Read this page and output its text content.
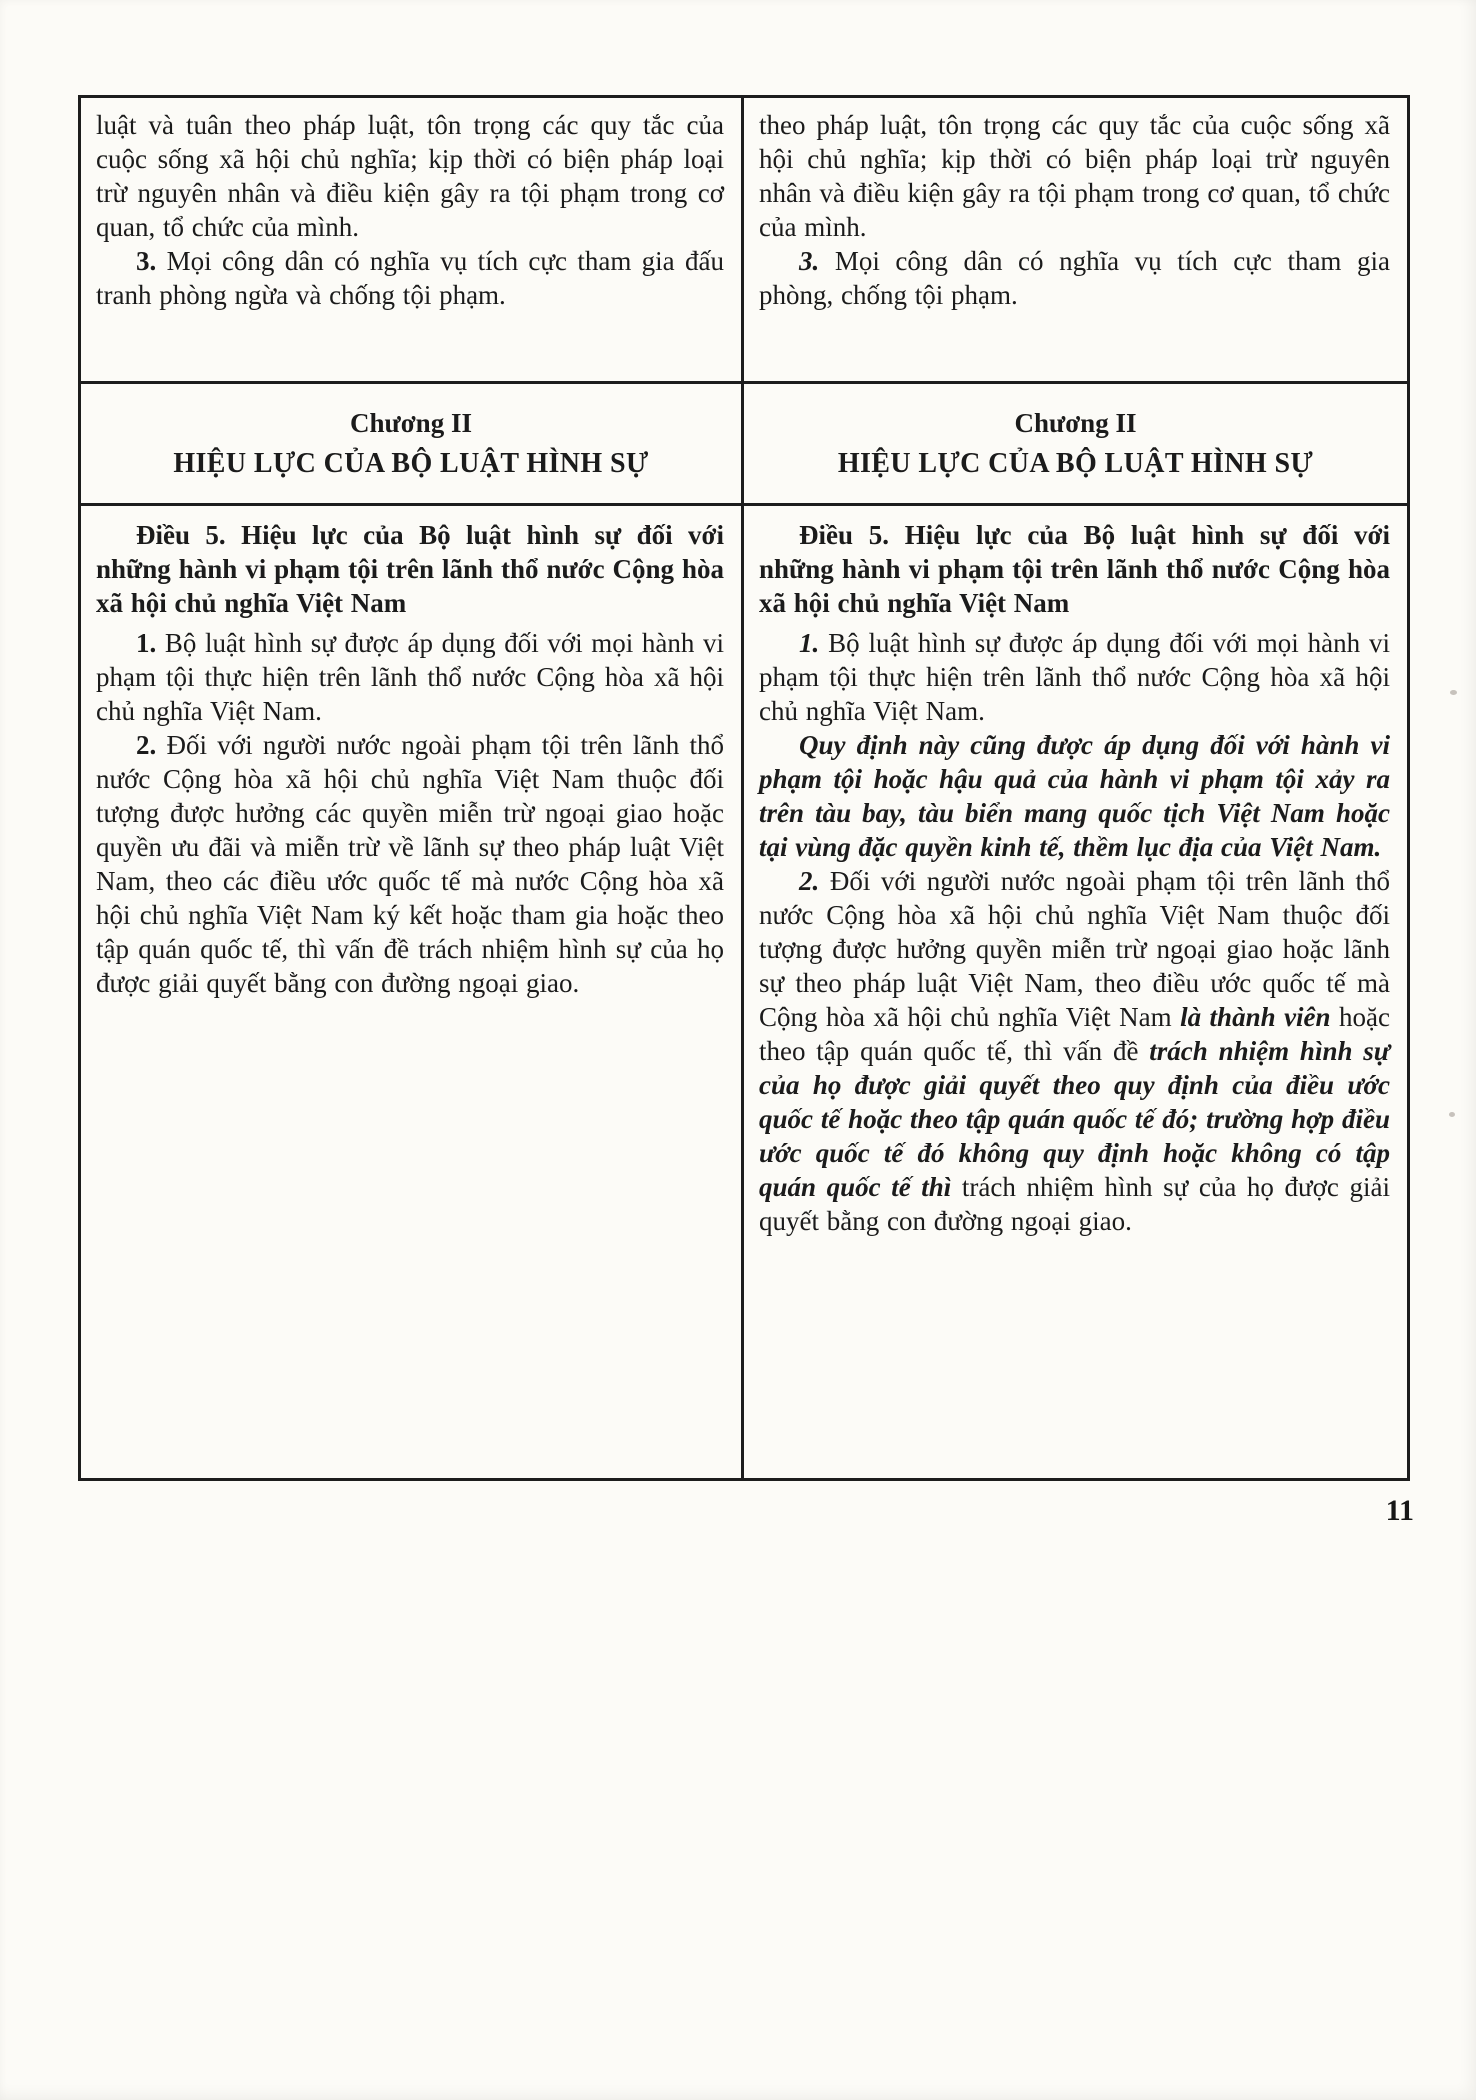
luật và tuân theo pháp luật, tôn trọng các quy tắc của cuộc sống xã hội chủ nghĩa; kịp thời có biện pháp loại trừ nguyên nhân và điều kiện gây ra tội phạm trong cơ quan, tổ chức của mình.

3. Mọi công dân có nghĩa vụ tích cực tham gia đấu tranh phòng ngừa và chống tội phạm.

theo pháp luật, tôn trọng các quy tắc của cuộc sống xã hội chủ nghĩa; kịp thời có biện pháp loại trừ nguyên nhân và điều kiện gây ra tội phạm trong cơ quan, tổ chức của mình.

3. Mọi công dân có nghĩa vụ tích cực tham gia phòng, chống tội phạm.

Chương II
HIỆU LỰC CỦA BỘ LUẬT HÌNH SỰ
Chương II
HIỆU LỰC CỦA BỘ LUẬT HÌNH SỰ

Điều 5. Hiệu lực của Bộ luật hình sự đối với những hành vi phạm tội trên lãnh thổ nước Cộng hòa xã hội chủ nghĩa Việt Nam

1. Bộ luật hình sự được áp dụng đối với mọi hành vi phạm tội thực hiện trên lãnh thổ nước Cộng hòa xã hội chủ nghĩa Việt Nam.

2. Đối với người nước ngoài phạm tội trên lãnh thổ nước Cộng hòa xã hội chủ nghĩa Việt Nam thuộc đối tượng được hưởng các quyền miễn trừ ngoại giao hoặc quyền ưu đãi và miễn trừ về lãnh sự theo pháp luật Việt Nam, theo các điều ước quốc tế mà nước Cộng hòa xã hội chủ nghĩa Việt Nam ký kết hoặc tham gia hoặc theo tập quán quốc tế, thì vấn đề trách nhiệm hình sự của họ được giải quyết bằng con đường ngoại giao.

Điều 5. Hiệu lực của Bộ luật hình sự đối với những hành vi phạm tội trên lãnh thổ nước Cộng hòa xã hội chủ nghĩa Việt Nam

1. Bộ luật hình sự được áp dụng đối với mọi hành vi phạm tội thực hiện trên lãnh thổ nước Cộng hòa xã hội chủ nghĩa Việt Nam.

Quy định này cũng được áp dụng đối với hành vi phạm tội hoặc hậu quả của hành vi phạm tội xảy ra trên tàu bay, tàu biển mang quốc tịch Việt Nam hoặc tại vùng đặc quyền kinh tế, thềm lục địa của Việt Nam.

2. Đối với người nước ngoài phạm tội trên lãnh thổ nước Cộng hòa xã hội chủ nghĩa Việt Nam thuộc đối tượng được hưởng quyền miễn trừ ngoại giao hoặc lãnh sự theo pháp luật Việt Nam, theo điều ước quốc tế mà Cộng hòa xã hội chủ nghĩa Việt Nam là thành viên hoặc theo tập quán quốc tế, thì vấn đề trách nhiệm hình sự của họ được giải quyết theo quy định của điều ước quốc tế hoặc theo tập quán quốc tế đó; trường hợp điều ước quốc tế đó không quy định hoặc không có tập quán quốc tế thì trách nhiệm hình sự của họ được giải quyết bằng con đường ngoại giao.

11
